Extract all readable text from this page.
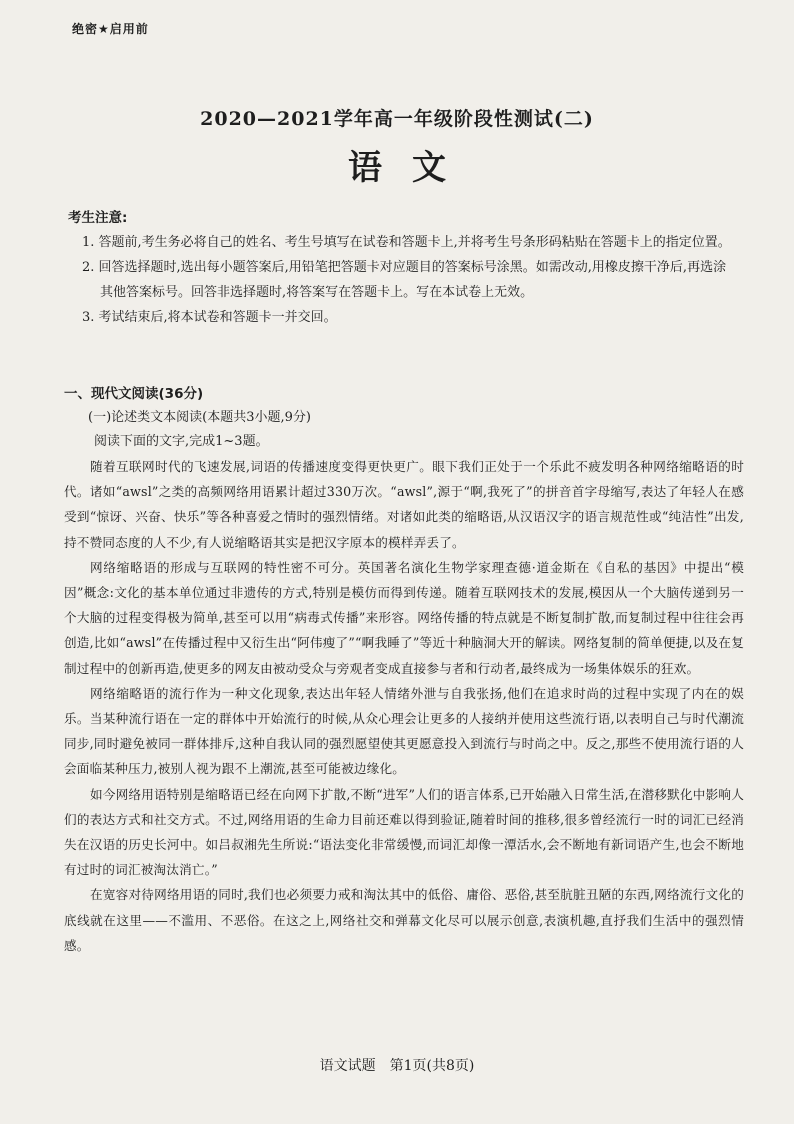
绝密★启用前
2020—2021学年高一年级阶段性测试(二)
语文
考生注意:
1. 答题前,考生务必将自己的姓名、考生号填写在试卷和答题卡上,并将考生号条形码粘贴在答题卡上的指定位置。
2. 回答选择题时,选出每小题答案后,用铅笔把答题卡对应题目的答案标号涂黑。如需改动,用橡皮擦干净后,再选涂其他答案标号。回答非选择题时,将答案写在答题卡上。写在本试卷上无效。
3. 考试结束后,将本试卷和答题卡一并交回。
一、现代文阅读(36分)
(一)论述类文本阅读(本题共3小题,9分)
阅读下面的文字,完成1~3题。

随着互联网时代的飞速发展,词语的传播速度变得更快更广。眼下我们正处于一个乐此不疲发明各种网络缩略语的时代。诸如“awsl”之类的高频网络用语累计超过330万次。“awsl”,源于“啊,我死了”的拼音首字母缩写,表达了年轻人在感受到“惊讶、兴奋、快乐”等各种喜爱之情时的强烈情绪。对诸如此类的缩略语,从汉语汉字的语言规范性或“纯洁性”出发,持不赞同态度的人不少,有人说缩略语其实是把汉字原本的模样弄丢了。

网络缩略语的形成与互联网的特性密不可分。英国著名演化生物学家理查德·道金斯在《自私的基因》中提出“模因”概念:文化的基本单位通过非遗传的方式,特别是模仿而得到传递。随着互联网技术的发展,模因从一个大脑传递到另一个大脑的过程变得极为简单,甚至可以用“病毒式传播”来形容。网络传播的特点就是不断复制扩散,而复制过程中往往会再创造,比如“awsl”在传播过程中又衍生出“阿伟瘦了”“啊我睡了”等近十种脑洞大开的解读。网络复制的简单便捷,以及在复制过程中的创新再造,使更多的网友由被动受众与旁观者变成直接参与者和行动者,最终成为一场集体娱乐的狂欢。

网络缩略语的流行作为一种文化现象,表达出年轻人情绪外泄与自我张扬,他们在追求时尚的过程中实现了内在的娱乐。当某种流行语在一定的群体中开始流行的时候,从众心理会让更多的人接纳并使用这些流行语,以表明自己与时代潮流同步,同时避免被同一群体排斥,这种自我认同的强烈愿望使其更愿意投入到流行与时尚之中。反之,那些不使用流行语的人会面临某种压力,被别人视为跟不上潮流,甚至可能被边缘化。

如今网络用语特别是缩略语已经在向网下扩散,不断“进军”人们的语言体系,已开始融入日常生活,在潜移默化中影响人们的表达方式和社交方式。不过,网络用语的生命力目前还难以得到验证,随着时间的推移,很多曾经流行一时的词汇已经消失在汉语的历史长河中。如吕叔湘先生所说:“语法变化非常缓慢,而词汇却像一潭活水,会不断地有新词语产生,也会不断地有过时的词汇被淘汰消亡。”

在宽容对待网络用语的同时,我们也必须要力戒和淘汰其中的低俗、庸俗、恶俗,甚至肮脏丑陋的东西,网络流行文化的底线就在这里——不滥用、不恶俗。在这之上,网络社交和弹幕文化尽可以展示创意,表演机趣,直抒我们生活中的强烈情感。

语文试题　第1页(共8页)
